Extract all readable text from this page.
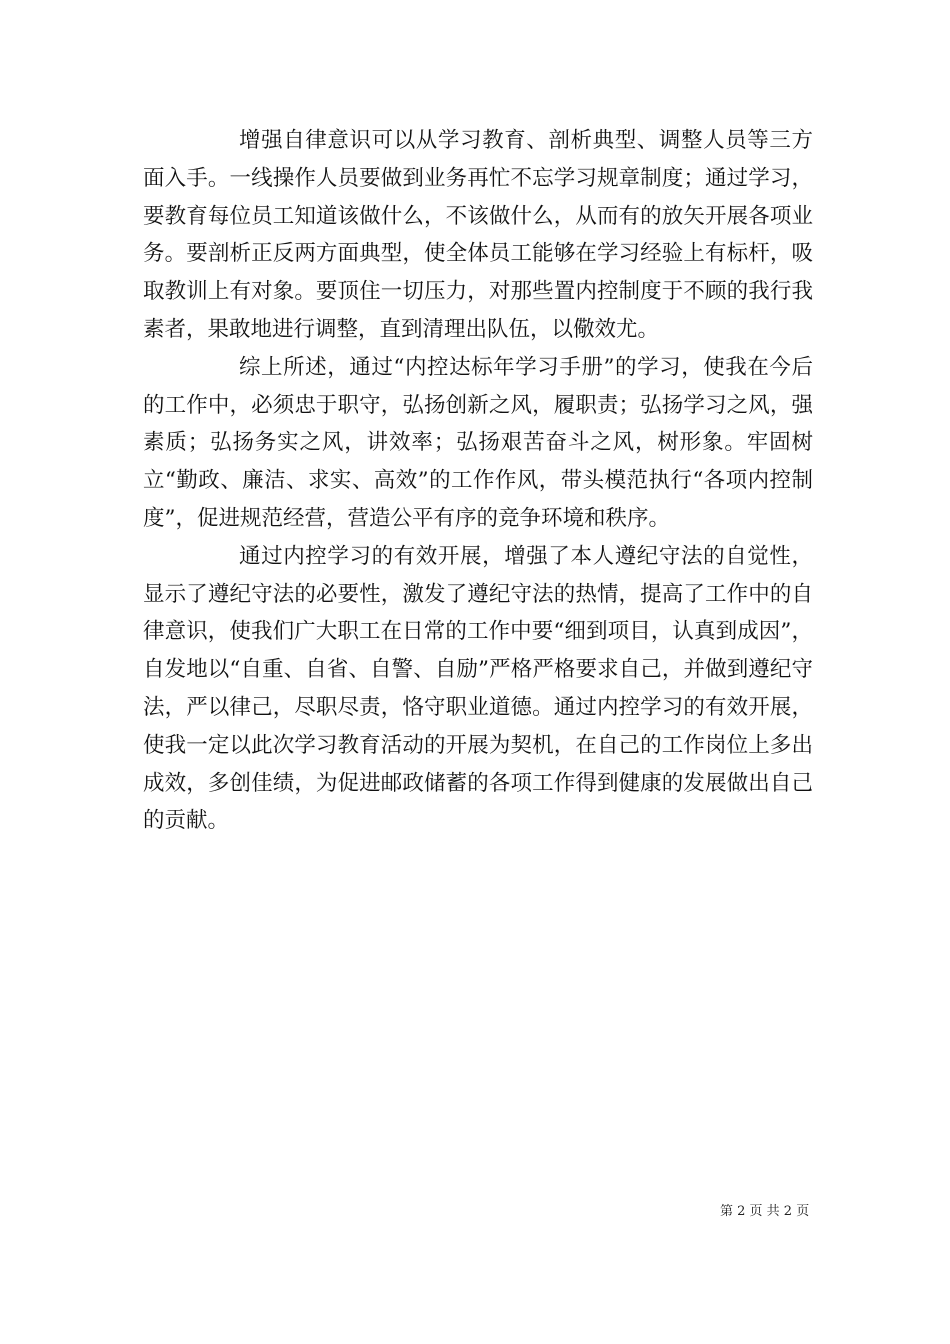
增强自律意识可以从学习教育、剖析典型、调整人员等三方面入手。一线操作人员要做到业务再忙不忘学习规章制度；通过学习，要教育每位员工知道该做什么，不该做什么，从而有的放矢开展各项业务。要剖析正反两方面典型，使全体员工能够在学习经验上有标杆，吸取教训上有对象。要顶住一切压力，对那些置内控制度于不顾的我行我素者，果敢地进行调整，直到清理出队伍，以儆效尤。

综上所述，通过“内控达标年学习手册”的学习，使我在今后的工作中，必须忠于职守，弘扬创新之风，履职责；弘扬学习之风，强素质；弘扬务实之风，讲效率；弘扬艰苦奋斗之风，树形象。牢固树立“勤政、廉洁、求实、高效”的工作作风，带头模范执行“各项内控制度”，促进规范经营，营造公平有序的竞争环境和秩序。

通过内控学习的有效开展，增强了本人遵纪守法的自觉性，显示了遵纪守法的必要性，激发了遵纪守法的热情，提高了工作中的自律意识，使我们广大职工在日常的工作中要“细到项目，认真到成因”，自发地以“自重、自省、自警、自励”严格严格要求自己，并做到遵纪守法，严以律己，尽职尽责，恪守职业道德。通过内控学习的有效开展，使我一定以此次学习教育活动的开展为契机，在自己的工作岗位上多出成效，多创佳绩，为促进邮政储蓄的各项工作得到健康的发展做出自己的贡献。

第 2 页 共 2 页
